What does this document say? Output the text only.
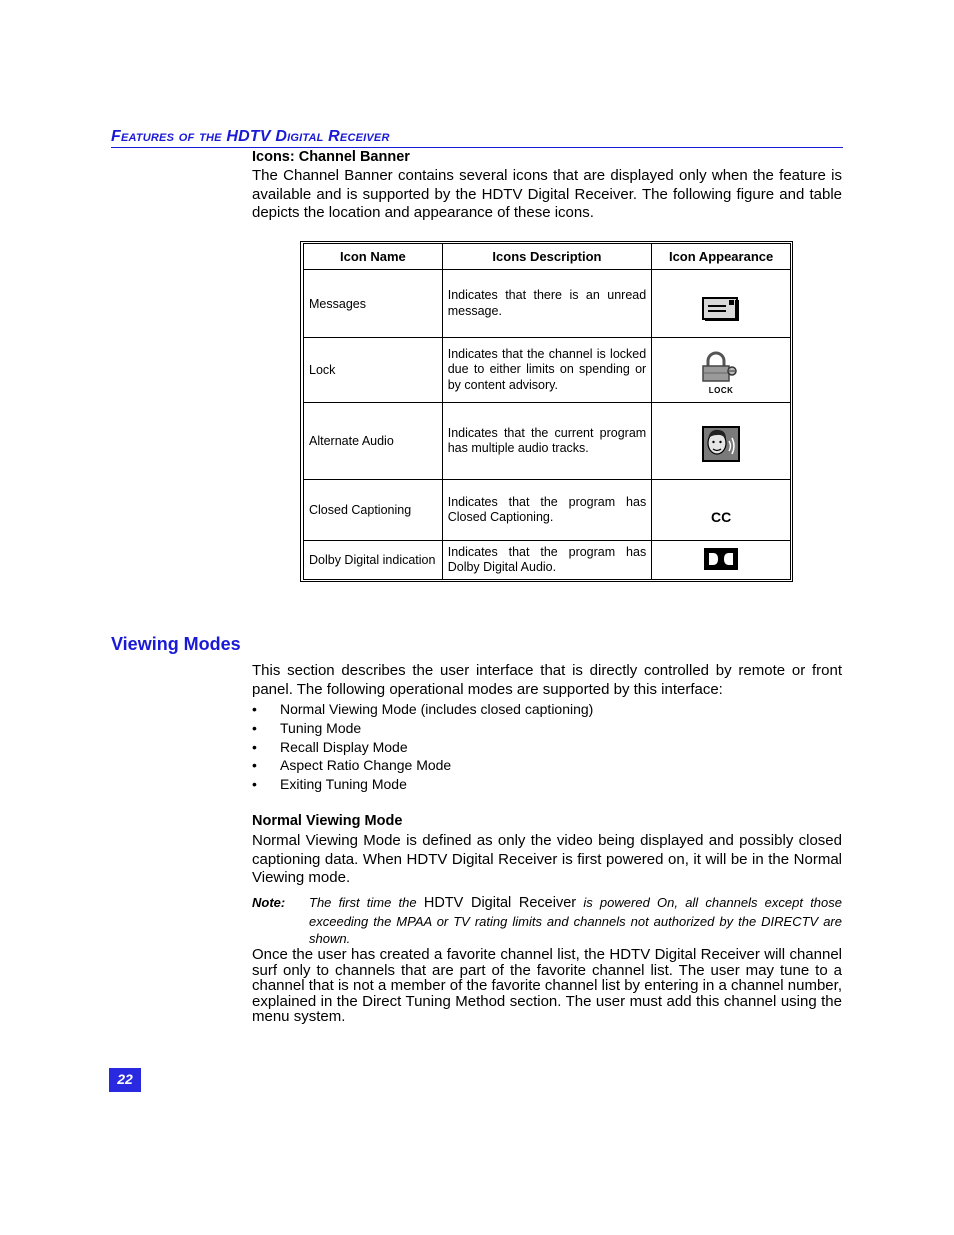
Features of the HDTV Digital Receiver
Icons: Channel Banner
The Channel Banner contains several icons that are displayed only when the feature is available and is supported by the HDTV Digital Receiver. The following figure and table depicts the location and appearance of these icons.
Icon Name	Icons Description	Icon Appearance
Messages	Indicates that there is an unread message.	
Lock	Indicates that the channel is locked due to either limits on spending or by content advisory.	LOCK

Alternate Audio	Indicates that the current program has multiple audio tracks.	
Closed Captioning	Indicates that the program has Closed Captioning.	CC

Dolby Digital indication	Indicates that the program has Dolby Digital Audio.	
Viewing Modes
This section describes the user interface that is directly controlled by remote or front panel. The following operational modes are supported by this interface:
• Normal Viewing Mode (includes closed captioning)
• Tuning Mode
• Recall Display Mode
• Aspect Ratio Change Mode
• Exiting Tuning Mode
Normal Viewing Mode
Normal Viewing Mode is defined as only the video being displayed and possibly closed captioning data. When HDTV Digital Receiver is first powered on, it will be in the Normal Viewing mode.
Note: The first time the HDTV Digital Receiver is powered On, all channels except those exceeding the MPAA or TV rating limits and channels not authorized by the DIRECTV are shown.
Once the user has created a favorite channel list, the HDTV Digital Receiver will channel surf only to channels that are part of the favorite channel list. The user may tune to a channel that is not a member of the favorite channel list by entering in a channel number, explained in the Direct Tuning Method section. The user must add this channel using the menu system.
22
